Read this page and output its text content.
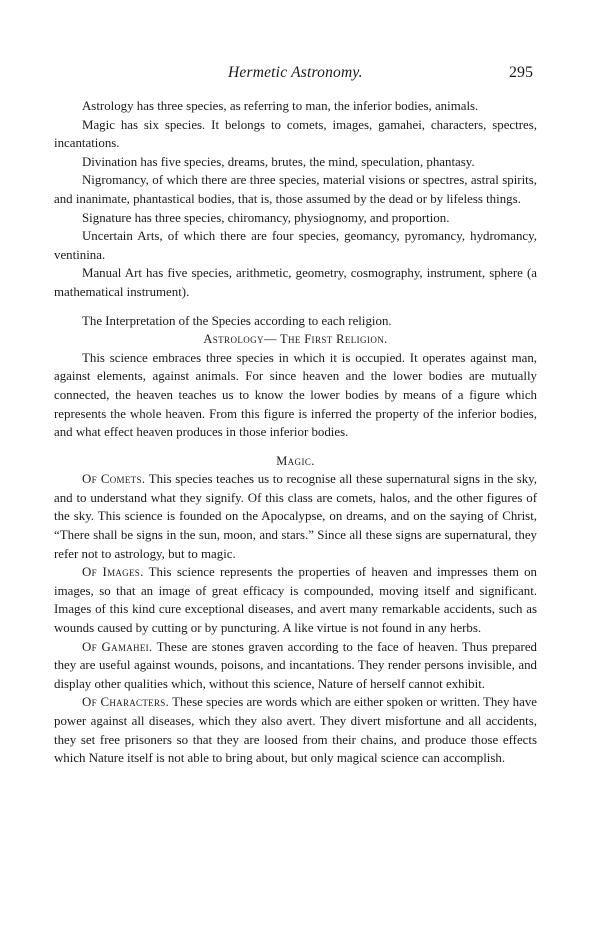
Hermetic Astronomy.	295

Astrology has three species, as referring to man, the inferior bodies, animals.

Magic has six species. It belongs to comets, images, gamahei, characters, spectres, incantations.

Divination has five species, dreams, brutes, the mind, speculation, phantasy.

Nigromancy, of which there are three species, material visions or spectres, astral spirits, and inanimate, phantastical bodies, that is, those assumed by the dead or by lifeless things.

Signature has three species, chiromancy, physiognomy, and proportion.

Uncertain Arts, of which there are four species, geomancy, pyromancy, hydromancy, ventinina.

Manual Art has five species, arithmetic, geometry, cosmography, instrument, sphere (a mathematical instrument).

The Interpretation of the Species according to each religion.

Astrology— The First Religion.

This science embraces three species in which it is occupied. It operates against man, against elements, against animals. For since heaven and the lower bodies are mutually connected, the heaven teaches us to know the lower bodies by means of a figure which represents the whole heaven. From this figure is inferred the property of the inferior bodies, and what effect heaven produces in those inferior bodies.

Magic.

Of Comets. This species teaches us to recognise all these supernatural signs in the sky, and to understand what they signify. Of this class are comets, halos, and the other figures of the sky. This science is founded on the Apocalypse, on dreams, and on the saying of Christ, “There shall be signs in the sun, moon, and stars.” Since all these signs are supernatural, they refer not to astrology, but to magic.

Of Images. This science represents the properties of heaven and impresses them on images, so that an image of great efficacy is compounded, moving itself and significant. Images of this kind cure exceptional diseases, and avert many remarkable accidents, such as wounds caused by cutting or by puncturing. A like virtue is not found in any herbs.

Of Gamahei. These are stones graven according to the face of heaven. Thus prepared they are useful against wounds, poisons, and incantations. They render persons invisible, and display other qualities which, without this science, Nature of herself cannot exhibit.

Of Characters. These species are words which are either spoken or written. They have power against all diseases, which they also avert. They divert misfortune and all accidents, they set free prisoners so that they are loosed from their chains, and produce those effects which Nature itself is not able to bring about, but only magical science can accomplish.
